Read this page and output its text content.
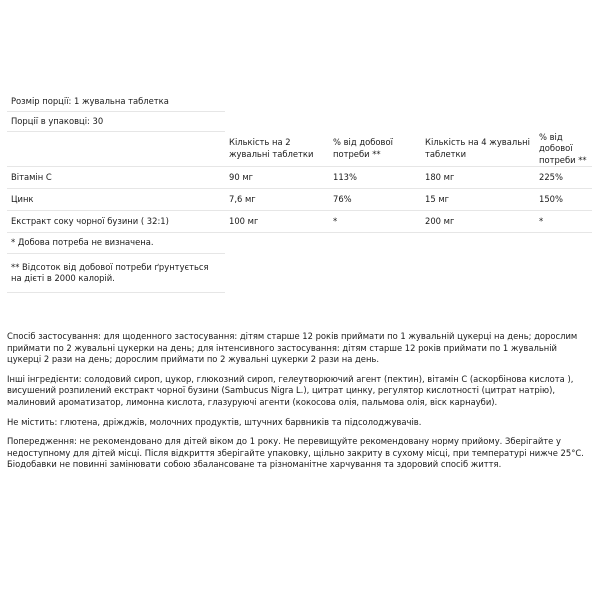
Розмір порції: 1 жувальна таблетка				
Порції в упаковці: 30				
	Кількість на 2 жувальні таблетки	% від добової потреби **	Кількість на 4 жувальні таблетки	% від добової потреби **
Вітамін С	90 мг	113%	180 мг	225%
Цинк	7,6 мг	76%	15 мг	150%
Екстракт соку чорної бузини ( 32:1)	100 мг	*	200 мг	*
* Добова потреба не визначена.				
** Відсоток від добової потреби ґрунтується на дієті в 2000 калорій.				

Спосіб застосування: для щоденного застосування: дітям старше 12 років приймати по 1 жувальній цукерці на день; дорослим приймати по 2 жувальні цукерки на день; для інтенсивного застосування: дітям старше 12 років приймати по 1 жувальній цукерці 2 рази на день; дорослим приймати по 2 жувальні цукерки 2 рази на день.

Інші інгредієнти: солодовий сироп, цукор, глюкозний сироп, гелеутворюючий агент (пектин), вітамін С (аскорбінова кислота ), висушений розпилений екстракт чорної бузини (Sambucus Nigra L.), цитрат цинку, регулятор кислотності (цитрат натрію), малиновий ароматизатор, лимонна кислота, глазуруючі агенти (кокосова олія, пальмова олія, віск карнауби).

Не містить: глютена, дріжджів, молочних продуктів, штучних барвників та підсолоджувачів.

Попередження: не рекомендовано для дітей віком до 1 року. Не перевищуйте рекомендовану норму прийому. Зберігайте у недоступному для дітей місці. Після відкриття зберігайте упаковку, щільно закриту в сухому місці, при температурі нижче 25°С. Біодобавки не повинні замінювати собою збалансоване та різноманітне харчування та здоровий спосіб життя.
